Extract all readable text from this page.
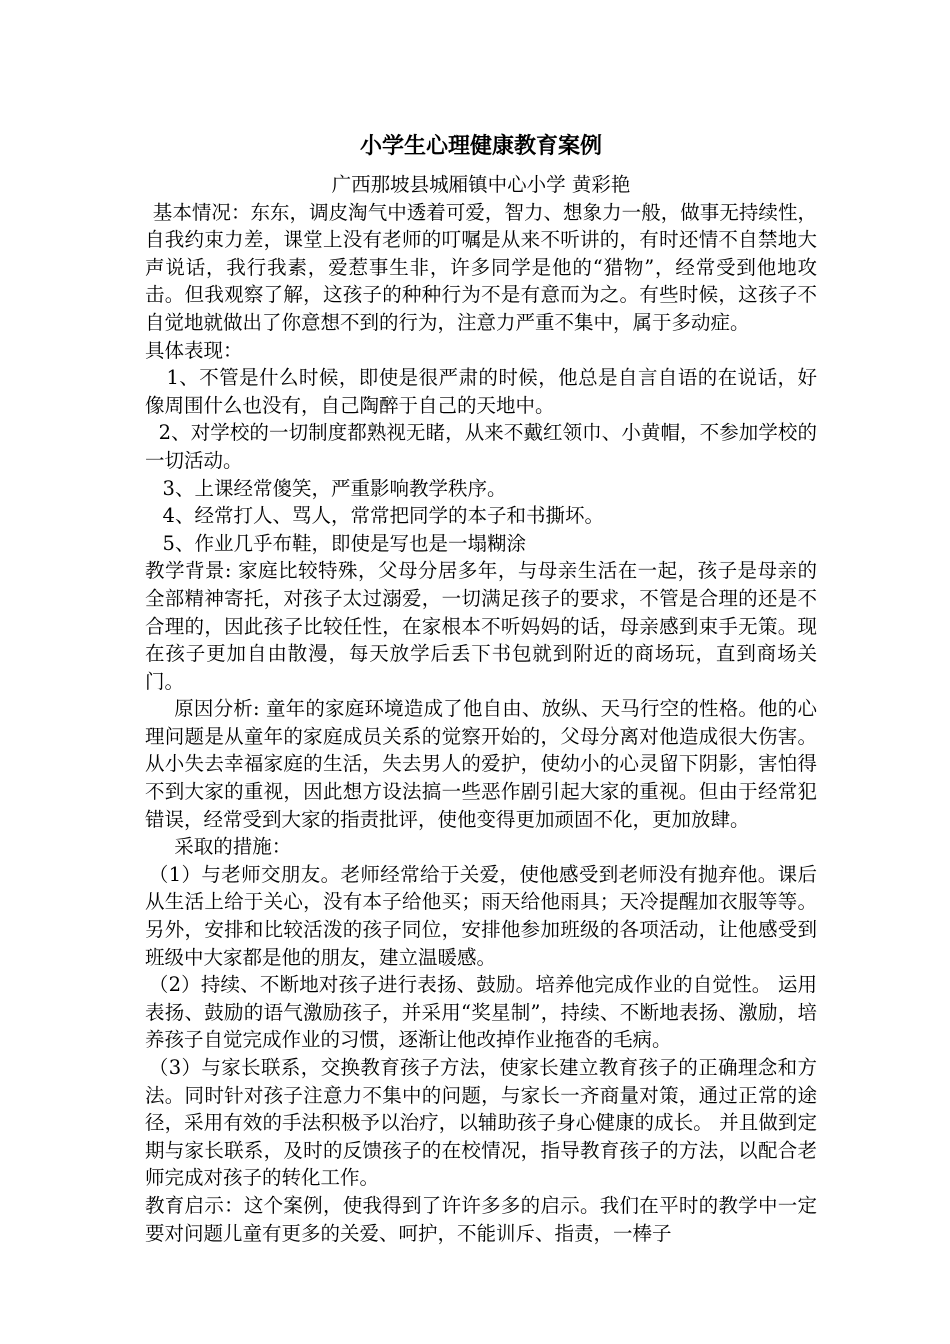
小学生心理健康教育案例
广西那坡县城厢镇中心小学 黄彩艳

基本情况：东东，调皮淘气中透着可爱，智力、想象力一般，做事无持续性，自我约束力差，课堂上没有老师的叮嘱是从来不听讲的，有时还情不自禁地大声说话，我行我素，爱惹事生非，许多同学是他的“猎物”，经常受到他地攻击。但我观察了解，这孩子的种种行为不是有意而为之。有些时候，这孩子不自觉地就做出了你意想不到的行为，注意力严重不集中，属于多动症。

具体表现：

1、不管是什么时候，即使是很严肃的时候，他总是自言自语的在说话，好像周围什么也没有，自己陶醉于自己的天地中。

2、对学校的一切制度都熟视无睹，从来不戴红领巾、小黄帽，不参加学校的一切活动。

3、上课经常傻笑，严重影响教学秩序。

4、经常打人、骂人，常常把同学的本子和书撕坏。

5、作业几乎布鞋，即使是写也是一塌糊涂

教学背景: 家庭比较特殊，父母分居多年，与母亲生活在一起，孩子是母亲的全部精神寄托，对孩子太过溺爱，一切满足孩子的要求，不管是合理的还是不合理的，因此孩子比较任性，在家根本不听妈妈的话，母亲感到束手无策。现在孩子更加自由散漫，每天放学后丢下书包就到附近的商场玩，直到商场关门。

原因分析: 童年的家庭环境造成了他自由、放纵、天马行空的性格。他的心理问题是从童年的家庭成员关系的觉察开始的，父母分离对他造成很大伤害。从小失去幸福家庭的生活，失去男人的爱护，使幼小的心灵留下阴影，害怕得不到大家的重视，因此想方设法搞一些恶作剧引起大家的重视。但由于经常犯错误，经常受到大家的指责批评，使他变得更加顽固不化，更加放肆。

采取的措施：

（1）与老师交朋友。老师经常给于关爱，使他感受到老师没有抛弃他。课后从生活上给于关心，没有本子给他买；雨天给他雨具；天冷提醒加衣服等等。另外，安排和比较活泼的孩子同位，安排他参加班级的各项活动，让他感受到班级中大家都是他的朋友，建立温暖感。

（2）持续、不断地对孩子进行表扬、鼓励。培养他完成作业的自觉性。 运用表扬、鼓励的语气激励孩子，并采用“奖星制”，持续、不断地表扬、激励，培养孩子自觉完成作业的习惯，逐渐让他改掉作业拖沓的毛病。

（3）与家长联系，交换教育孩子方法，使家长建立教育孩子的正确理念和方法。同时针对孩子注意力不集中的问题，与家长一齐商量对策，通过正常的途径，采用有效的手法积极予以治疗，以辅助孩子身心健康的成长。 并且做到定期与家长联系，及时的反馈孩子的在校情况，指导教育孩子的方法，以配合老师完成对孩子的转化工作。

教育启示：这个案例，使我得到了许许多多的启示。我们在平时的教学中一定要对问题儿童有更多的关爱、呵护，不能训斥、指责，一棒子
